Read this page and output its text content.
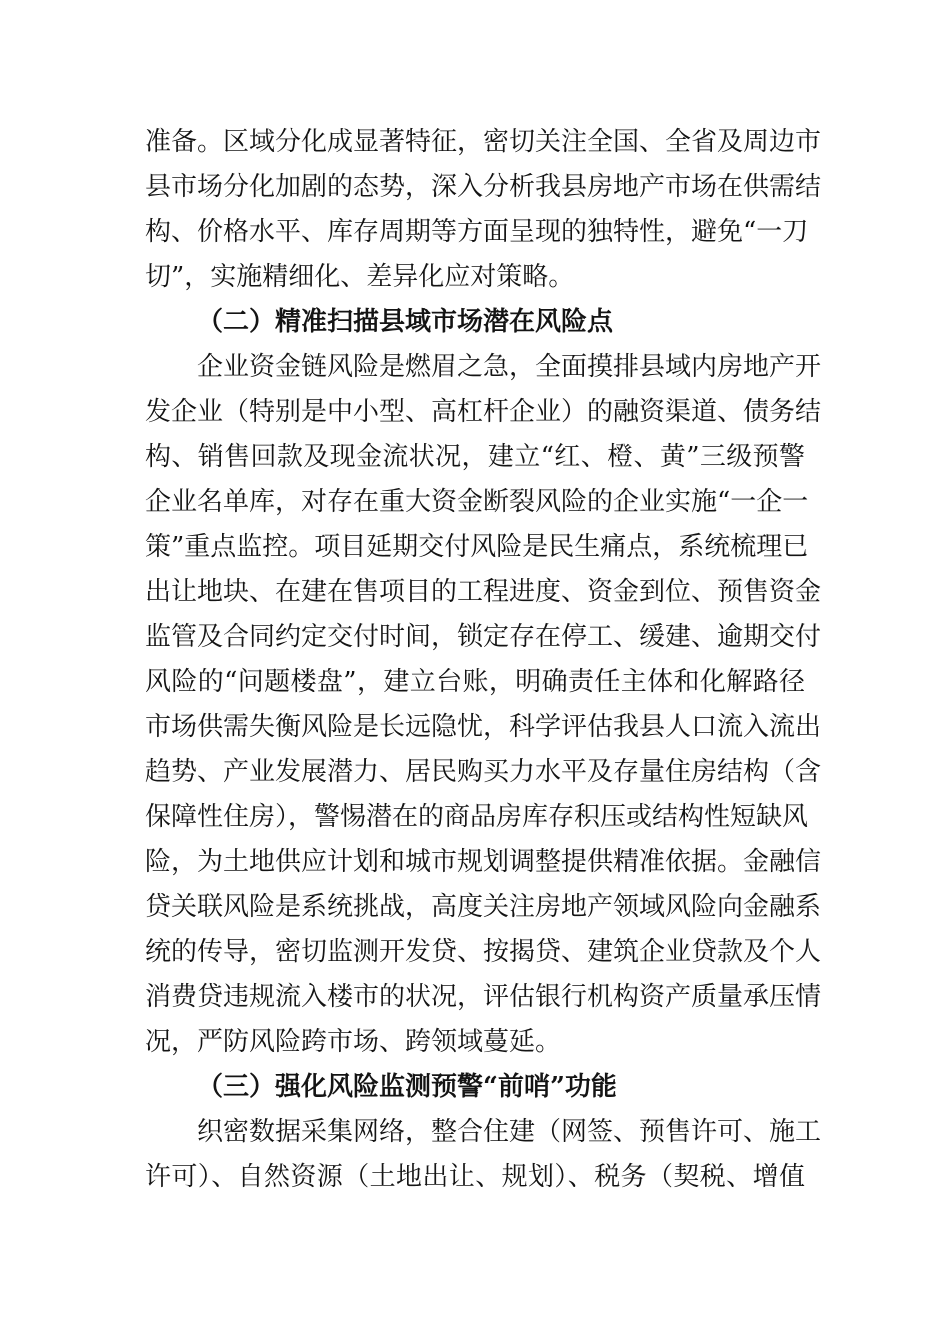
准备。区域分化成显著特征，密切关注全国、全省及周边市
县市场分化加剧的态势，深入分析我县房地产市场在供需结
构、价格水平、库存周期等方面呈现的独特性，避免“一刀
切”，实施精细化、差异化应对策略。
（二）精准扫描县域市场潜在风险点
企业资金链风险是燃眉之急，全面摸排县域内房地产开
发企业（特别是中小型、高杠杆企业）的融资渠道、债务结
构、销售回款及现金流状况，建立“红、橙、黄”三级预警
企业名单库，对存在重大资金断裂风险的企业实施“一企一
策”重点监控。项目延期交付风险是民生痛点，系统梳理已
出让地块、在建在售项目的工程进度、资金到位、预售资金
监管及合同约定交付时间，锁定存在停工、缓建、逾期交付
风险的“问题楼盘”，建立台账，明确责任主体和化解路径
市场供需失衡风险是长远隐忧，科学评估我县人口流入流出
趋势、产业发展潜力、居民购买力水平及存量住房结构（含
保障性住房），警惕潜在的商品房库存积压或结构性短缺风
险，为土地供应计划和城市规划调整提供精准依据。金融信
贷关联风险是系统挑战，高度关注房地产领域风险向金融系
统的传导，密切监测开发贷、按揭贷、建筑企业贷款及个人
消费贷违规流入楼市的状况，评估银行机构资产质量承压情
况，严防风险跨市场、跨领域蔓延。
（三）强化风险监测预警“前哨”功能
织密数据采集网络，整合住建（网签、预售许可、施工
许可）、自然资源（土地出让、规划）、税务（契税、增值
